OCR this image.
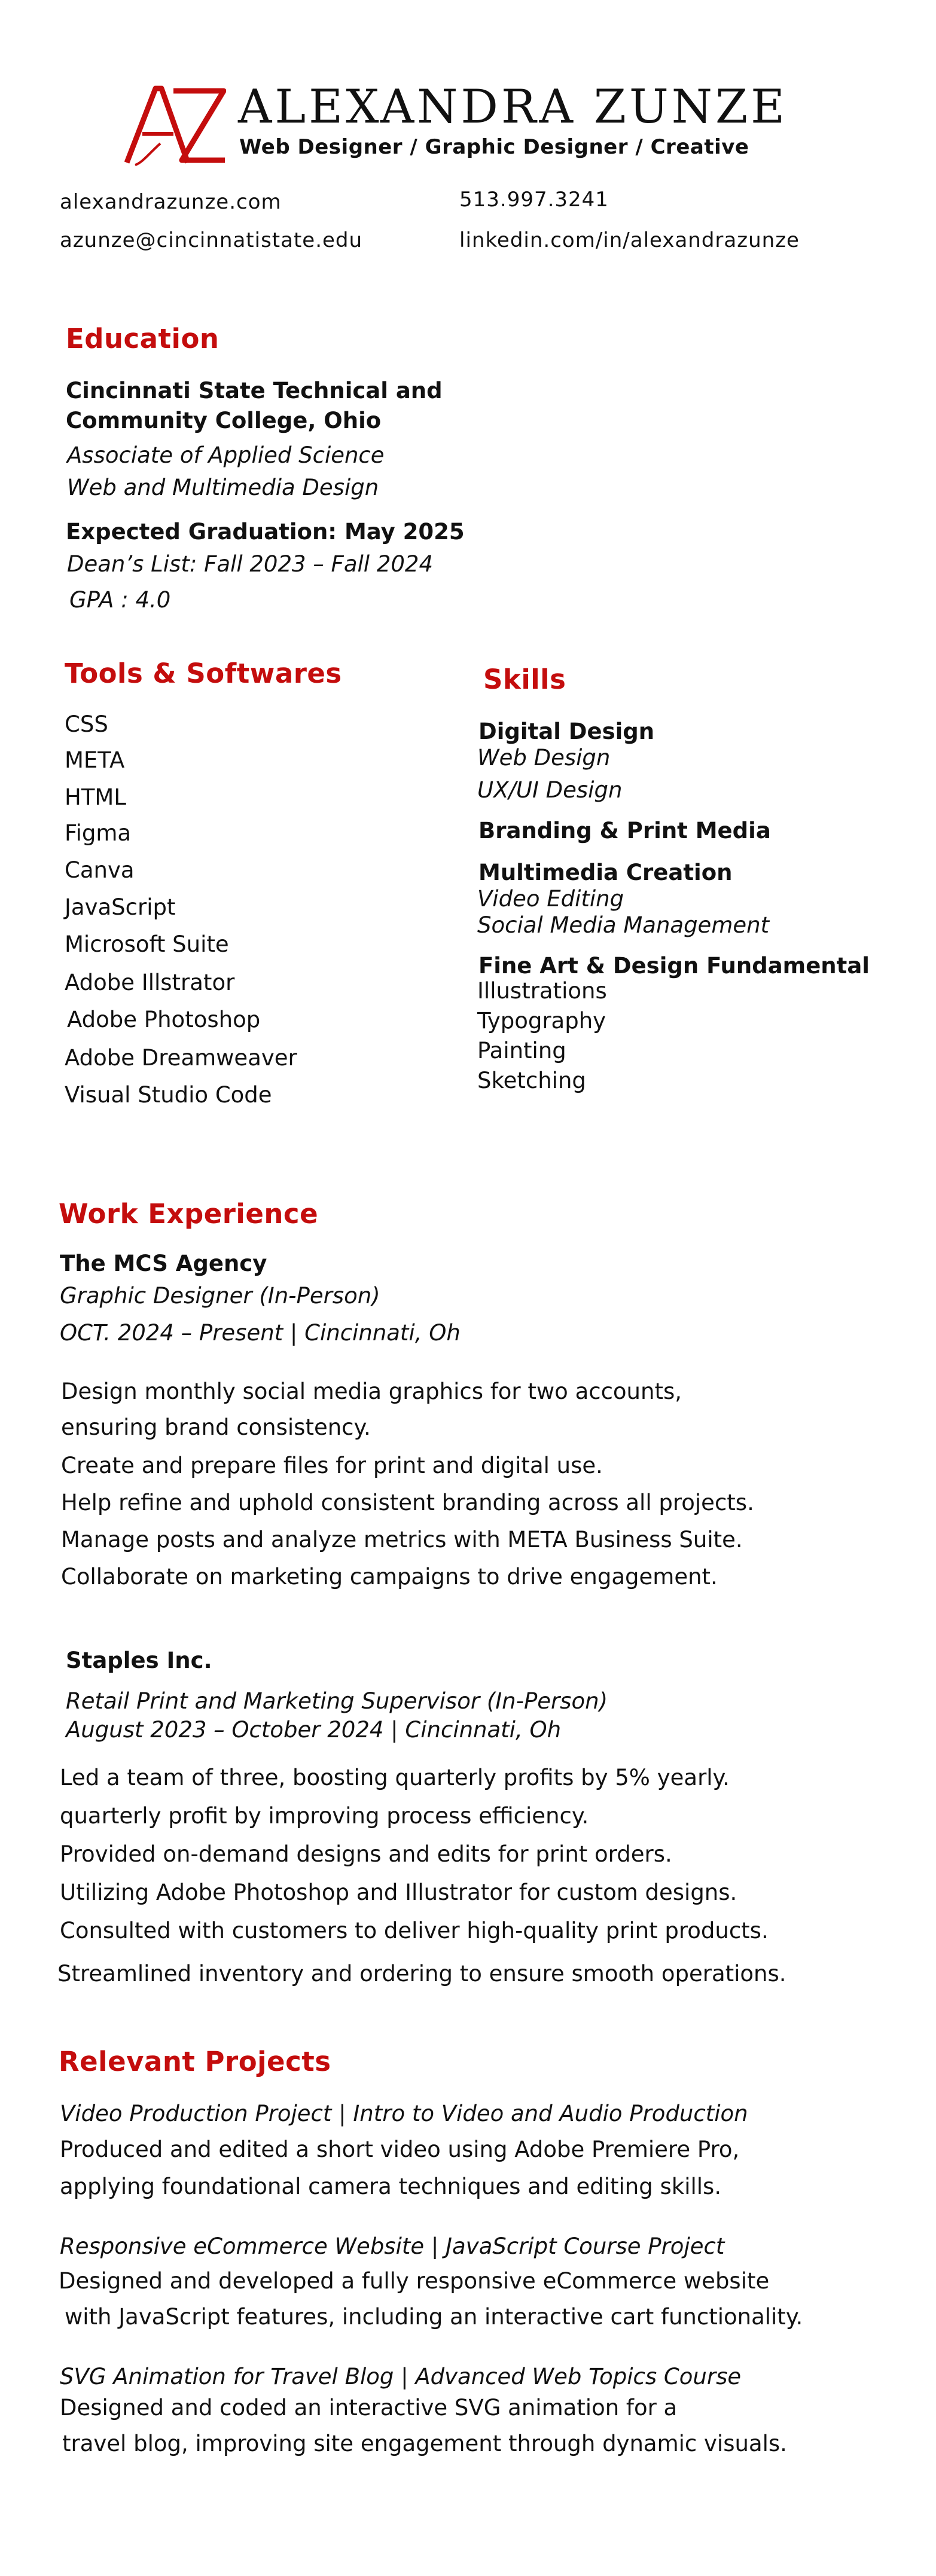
ALEXANDRA ZUNZE
Web Designer / Graphic Designer / Creative
alexandrazunze.com
azunze@cincinnatistate.edu
513.997.3241
linkedin.com/in/alexandrazunze
Education
Cincinnati State Technical and
Community College, Ohio
Associate of Applied Science
Web and Multimedia Design
Expected Graduation: May 2025
Dean’s List: Fall 2023 – Fall 2024
GPA : 4.0
Tools & Softwares
CSS
META
HTML
Figma
Canva
JavaScript
Microsoft Suite
Adobe Illstrator
Adobe Photoshop
Adobe Dreamweaver
Visual Studio Code
Skills
Digital Design
Web Design
UX/UI Design
Branding & Print Media
Multimedia Creation
Video Editing
Social Media Management
Fine Art & Design Fundamental
Illustrations
Typography
Painting
Sketching
Work Experience
The MCS Agency
Graphic Designer (In-Person)
OCT. 2024 – Present | Cincinnati, Oh
Design monthly social media graphics for two accounts,
ensuring brand consistency.
Create and prepare files for print and digital use.
Help refine and uphold consistent branding across all projects.
Manage posts and analyze metrics with META Business Suite.
Collaborate on marketing campaigns to drive engagement.
Staples Inc.
Retail Print and Marketing Supervisor (In-Person)
August 2023 – October 2024 | Cincinnati, Oh
Led a team of three, boosting quarterly profits by 5% yearly.
quarterly profit by improving process efficiency.
Provided on-demand designs and edits for print orders.
Utilizing Adobe Photoshop and Illustrator for custom designs.
Consulted with customers to deliver high-quality print products.
Streamlined inventory and ordering to ensure smooth operations.
Relevant Projects
Video Production Project | Intro to Video and Audio Production
Produced and edited a short video using Adobe Premiere Pro,
applying foundational camera techniques and editing skills.
Responsive eCommerce Website | JavaScript Course Project
Designed and developed a fully responsive eCommerce website
with JavaScript features, including an interactive cart functionality.
SVG Animation for Travel Blog | Advanced Web Topics Course
Designed and coded an interactive SVG animation for a
travel blog, improving site engagement through dynamic visuals.
